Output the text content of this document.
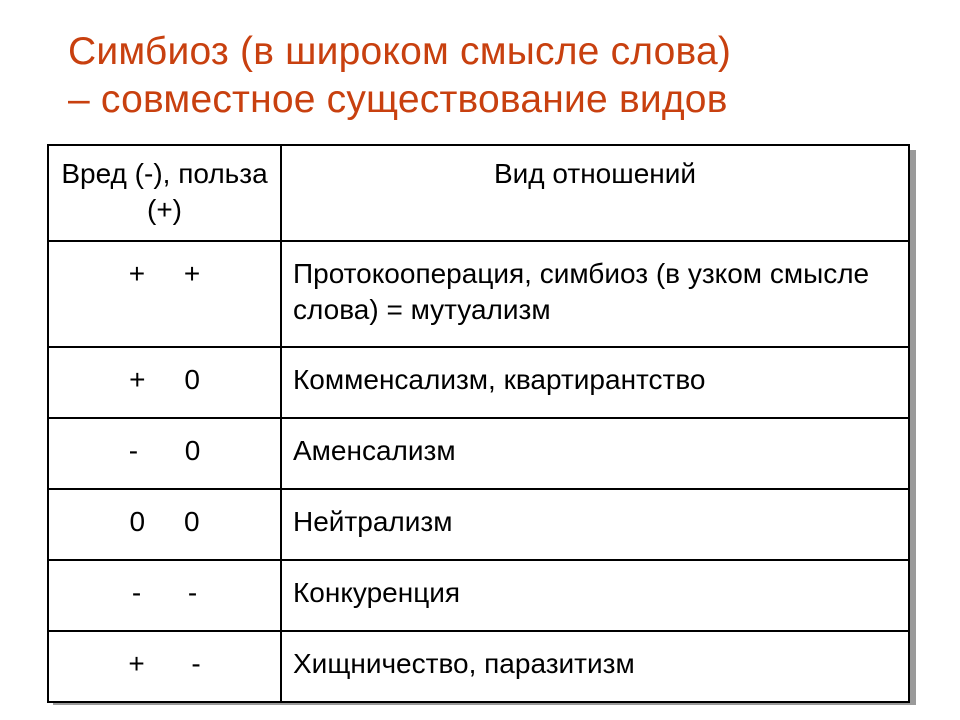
Симбиоз (в широком смысле слова)
– совместное существование видов
Вред (-), польза (+)	Вид отношений

+     +	Протокооперация, симбиоз (в узком смысле слова) = мутуализм

+     0	Комменсализм, квартирантство

-      0	Аменсализм

0     0	Нейтрализм

-      -	Конкуренция

+      -	Хищничество, паразитизм
